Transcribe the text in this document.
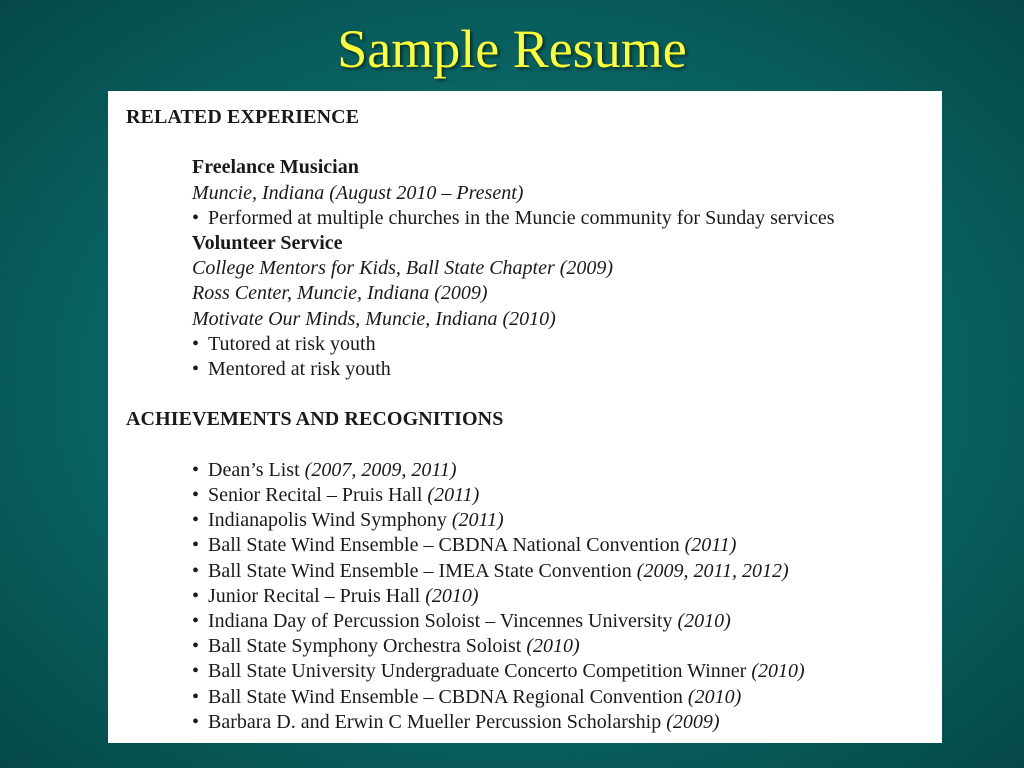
Sample Resume
RELATED EXPERIENCE
Freelance Musician
Muncie, Indiana (August 2010 – Present)
• Performed at multiple churches in the Muncie community for Sunday services
Volunteer Service
College Mentors for Kids, Ball State Chapter (2009)
Ross Center, Muncie, Indiana (2009)
Motivate Our Minds, Muncie, Indiana (2010)
• Tutored at risk youth
• Mentored at risk youth
ACHIEVEMENTS AND RECOGNITIONS
• Dean’s List (2007, 2009, 2011)
• Senior Recital – Pruis Hall (2011)
• Indianapolis Wind Symphony (2011)
• Ball State Wind Ensemble – CBDNA National Convention (2011)
• Ball State Wind Ensemble – IMEA State Convention (2009, 2011, 2012)
• Junior Recital – Pruis Hall (2010)
• Indiana Day of Percussion Soloist – Vincennes University (2010)
• Ball State Symphony Orchestra Soloist (2010)
• Ball State University Undergraduate Concerto Competition Winner (2010)
• Ball State Wind Ensemble – CBDNA Regional Convention (2010)
• Barbara D. and Erwin C Mueller Percussion Scholarship (2009)
